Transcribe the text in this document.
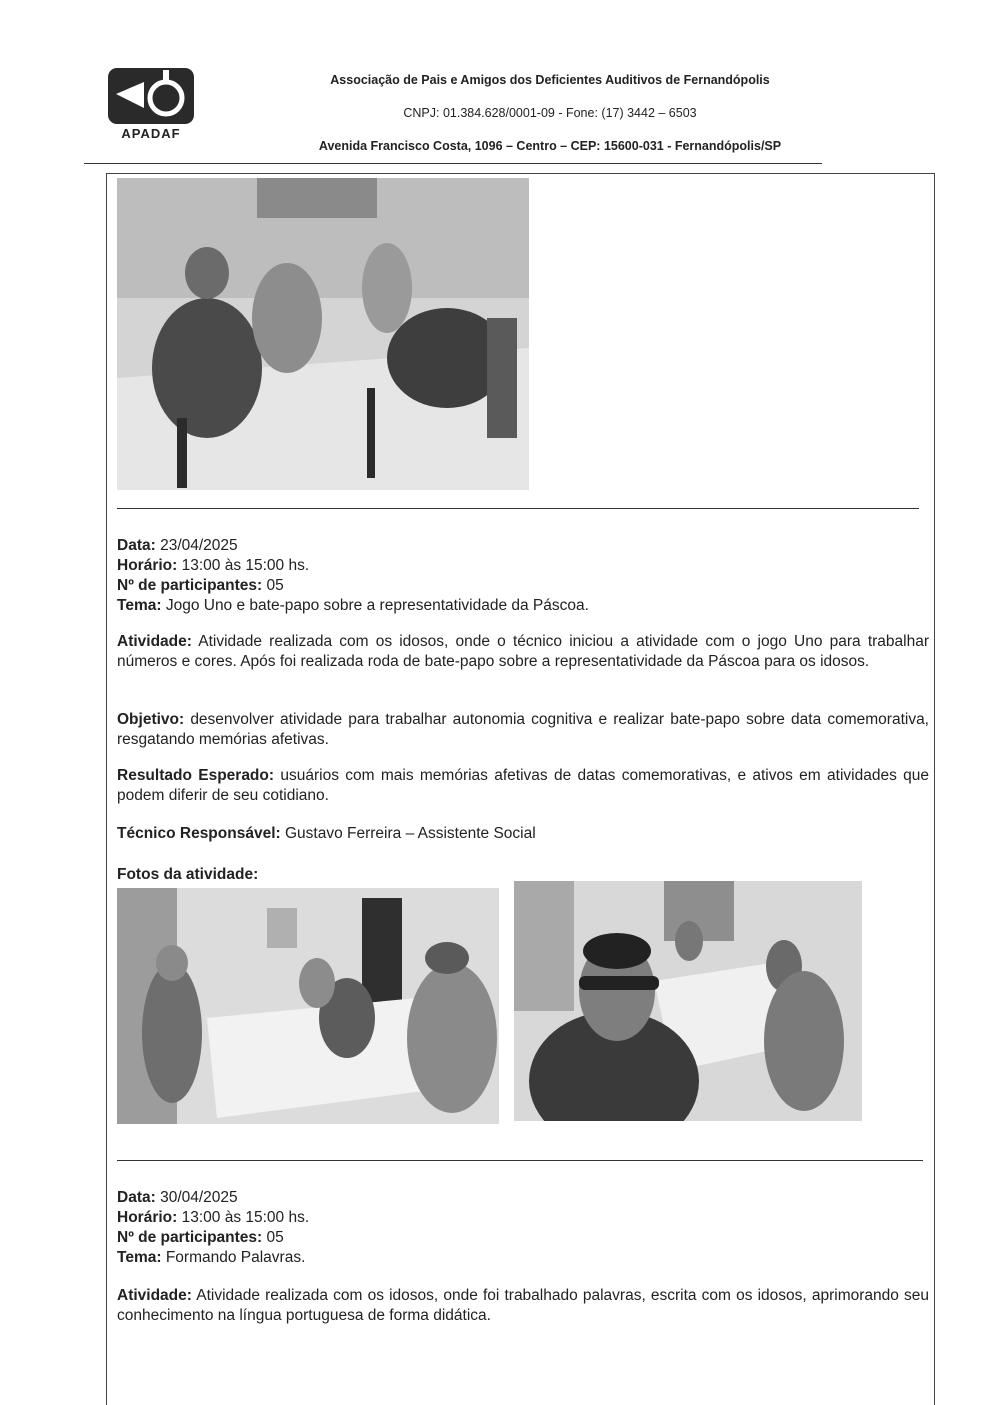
APADAF
Associação de Pais e Amigos dos Deficientes Auditivos de Fernandópolis
CNPJ: 01.384.628/0001-09 - Fone: (17) 3442 – 6503
Avenida Francisco Costa, 1096 – Centro – CEP: 15600-031 - Fernandópolis/SP
Data: 23/04/2025
Horário: 13:00 às 15:00 hs.
Nº de participantes: 05
Tema: Jogo Uno e bate-papo sobre a representatividade da Páscoa.
Atividade: Atividade realizada com os idosos, onde o técnico iniciou a atividade com o jogo Uno para trabalhar números e cores. Após foi realizada roda de bate-papo sobre a representatividade da Páscoa para os idosos.
Objetivo: desenvolver atividade para trabalhar autonomia cognitiva e realizar bate-papo sobre data comemorativa, resgatando memórias afetivas.
Resultado Esperado: usuários com mais memórias afetivas de datas comemorativas, e ativos em atividades que podem diferir de seu cotidiano.
Técnico Responsável: Gustavo Ferreira – Assistente Social
Fotos da atividade:
Data: 30/04/2025
Horário: 13:00 às 15:00 hs.
Nº de participantes: 05
Tema: Formando Palavras.
Atividade: Atividade realizada com os idosos, onde foi trabalhado palavras, escrita com os idosos, aprimorando seu conhecimento na língua portuguesa de forma didática.
